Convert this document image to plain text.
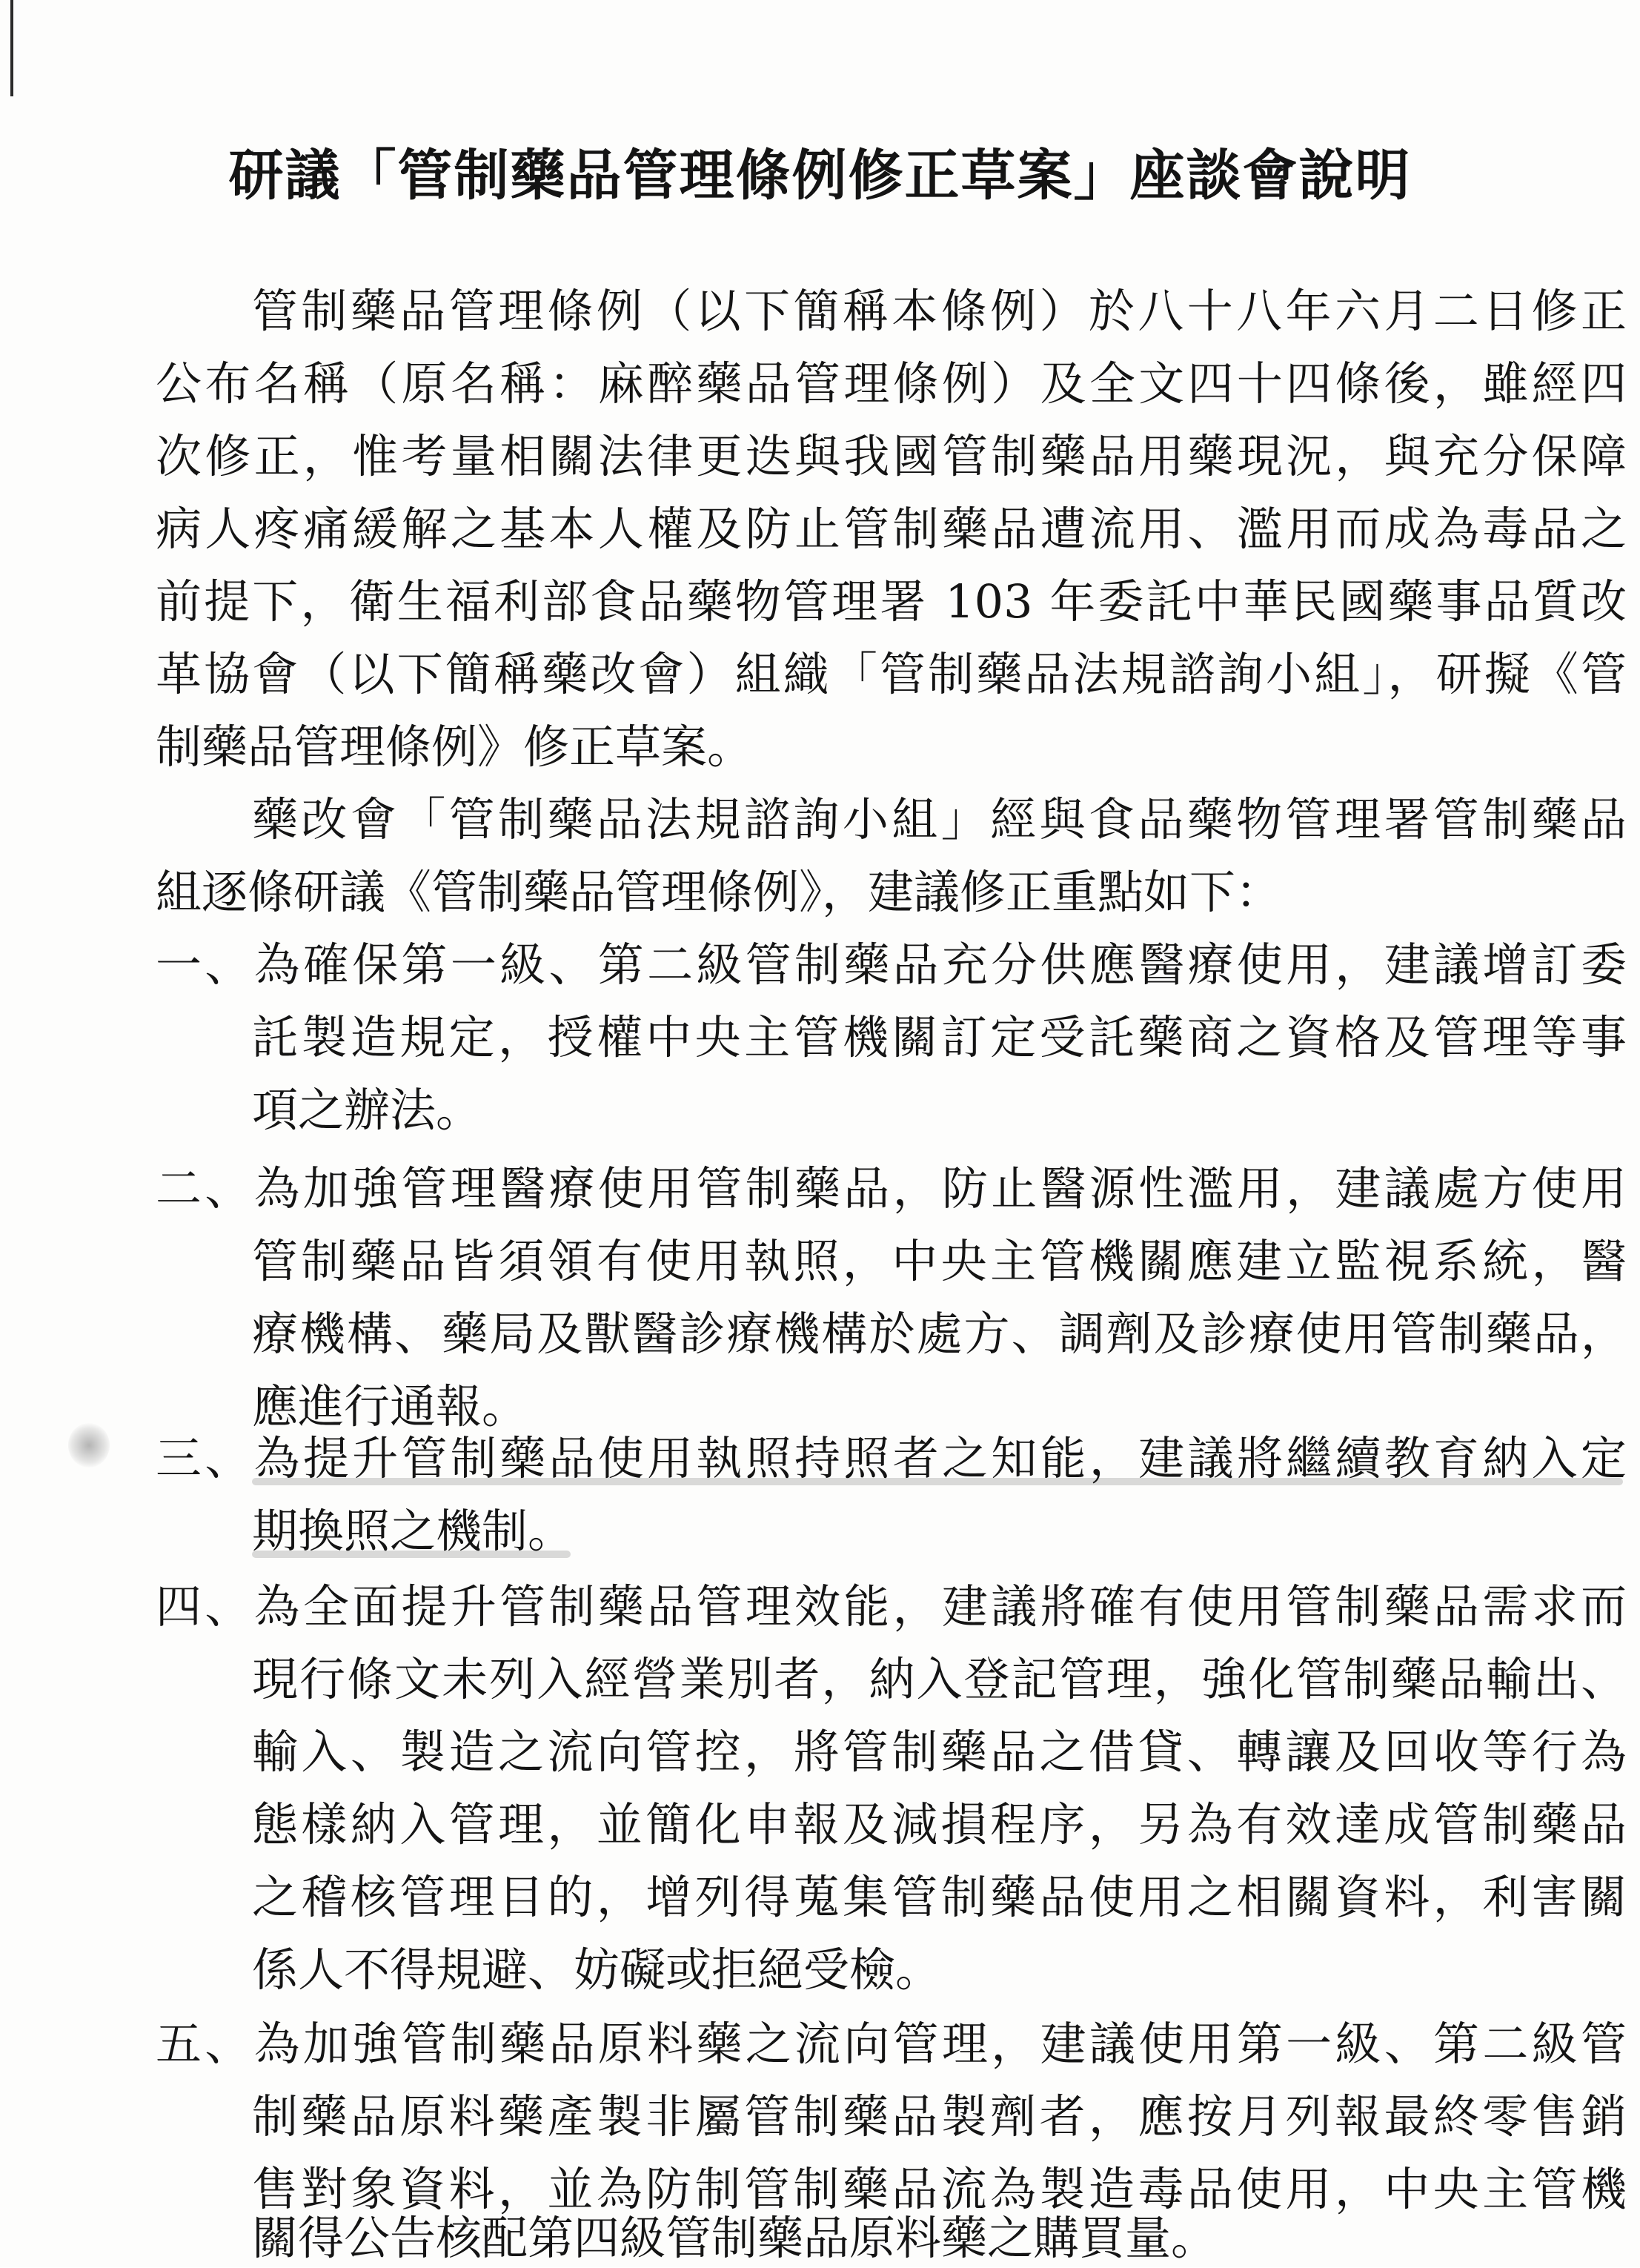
研議「管制藥品管理條例修正草案」座談會說明
管制藥品管理條例（以下簡稱本條例）於八十八年六月二日修正
公布名稱（原名稱：麻醉藥品管理條例）及全文四十四條後，雖經四
次修正，惟考量相關法律更迭與我國管制藥品用藥現況，與充分保障
病人疼痛緩解之基本人權及防止管制藥品遭流用、濫用而成為毒品之
前提下，衛生福利部食品藥物管理署 103 年委託中華民國藥事品質改
革協會（以下簡稱藥改會）組織「管制藥品法規諮詢小組」，研擬《管
制藥品管理條例》修正草案。
藥改會「管制藥品法規諮詢小組」經與食品藥物管理署管制藥品
組逐條研議《管制藥品管理條例》，建議修正重點如下：
一、為確保第一級、第二級管制藥品充分供應醫療使用，建議增訂委
託製造規定，授權中央主管機關訂定受託藥商之資格及管理等事
項之辦法。
二、為加強管理醫療使用管制藥品，防止醫源性濫用，建議處方使用
管制藥品皆須領有使用執照，中央主管機關應建立監視系統，醫
療機構、藥局及獸醫診療機構於處方、調劑及診療使用管制藥品，
應進行通報。
三、為提升管制藥品使用執照持照者之知能，建議將繼續教育納入定
期換照之機制。
四、為全面提升管制藥品管理效能，建議將確有使用管制藥品需求而
現行條文未列入經營業別者，納入登記管理，強化管制藥品輸出、
輸入、製造之流向管控，將管制藥品之借貸、轉讓及回收等行為
態樣納入管理，並簡化申報及減損程序，另為有效達成管制藥品
之稽核管理目的，增列得蒐集管制藥品使用之相關資料，利害關
係人不得規避、妨礙或拒絕受檢。
五、為加強管制藥品原料藥之流向管理，建議使用第一級、第二級管
制藥品原料藥產製非屬管制藥品製劑者，應按月列報最終零售銷
售對象資料，並為防制管制藥品流為製造毒品使用，中央主管機
關得公告核配第四級管制藥品原料藥之購買量。
